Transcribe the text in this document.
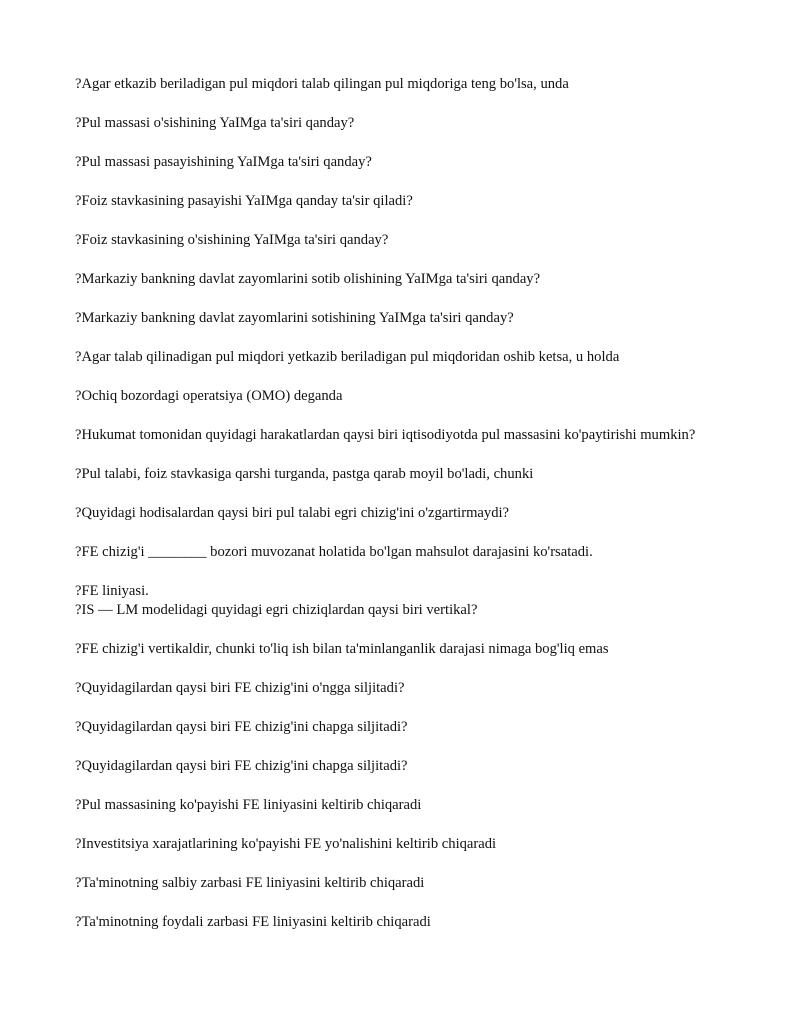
?Agar etkazib beriladigan pul miqdori talab qilingan pul miqdoriga teng bo'lsa, unda

?Pul massasi o'sishining YaIMga ta'siri qanday?

?Pul massasi pasayishining YaIMga ta'siri qanday?

?Foiz stavkasining pasayishi YaIMga qanday ta'sir qiladi?

?Foiz stavkasining o'sishining YaIMga ta'siri qanday?

?Markaziy bankning davlat zayomlarini sotib olishining YaIMga ta'siri qanday?

?Markaziy bankning davlat zayomlarini sotishining YaIMga ta'siri qanday?

?Agar talab qilinadigan pul miqdori yetkazib beriladigan pul miqdoridan oshib ketsa, u holda

?Ochiq bozordagi operatsiya (OMO) deganda

?Hukumat tomonidan quyidagi harakatlardan qaysi biri iqtisodiyotda pul massasini ko'paytirishi mumkin?

?Pul talabi, foiz stavkasiga qarshi turganda, pastga qarab moyil bo'ladi, chunki

?Quyidagi hodisalardan qaysi biri pul talabi egri chizig'ini o'zgartirmaydi?

?FE chizig'i ________ bozori muvozanat holatida bo'lgan mahsulot darajasini ko'rsatadi.

?FE liniyasi.

?IS — LM modelidagi quyidagi egri chiziqlardan qaysi biri vertikal?

?FE chizig'i vertikaldir, chunki to'liq ish bilan ta'minlanganlik darajasi nimaga bog'liq emas

?Quyidagilardan qaysi biri FE chizig'ini o'ngga siljitadi?

?Quyidagilardan qaysi biri FE chizig'ini chapga siljitadi?

?Quyidagilardan qaysi biri FE chizig'ini chapga siljitadi?

?Pul massasining ko'payishi FE liniyasini keltirib chiqaradi

?Investitsiya xarajatlarining ko'payishi FE yo'nalishini keltirib chiqaradi

?Ta'minotning salbiy zarbasi FE liniyasini keltirib chiqaradi

?Ta'minotning foydali zarbasi FE liniyasini keltirib chiqaradi
